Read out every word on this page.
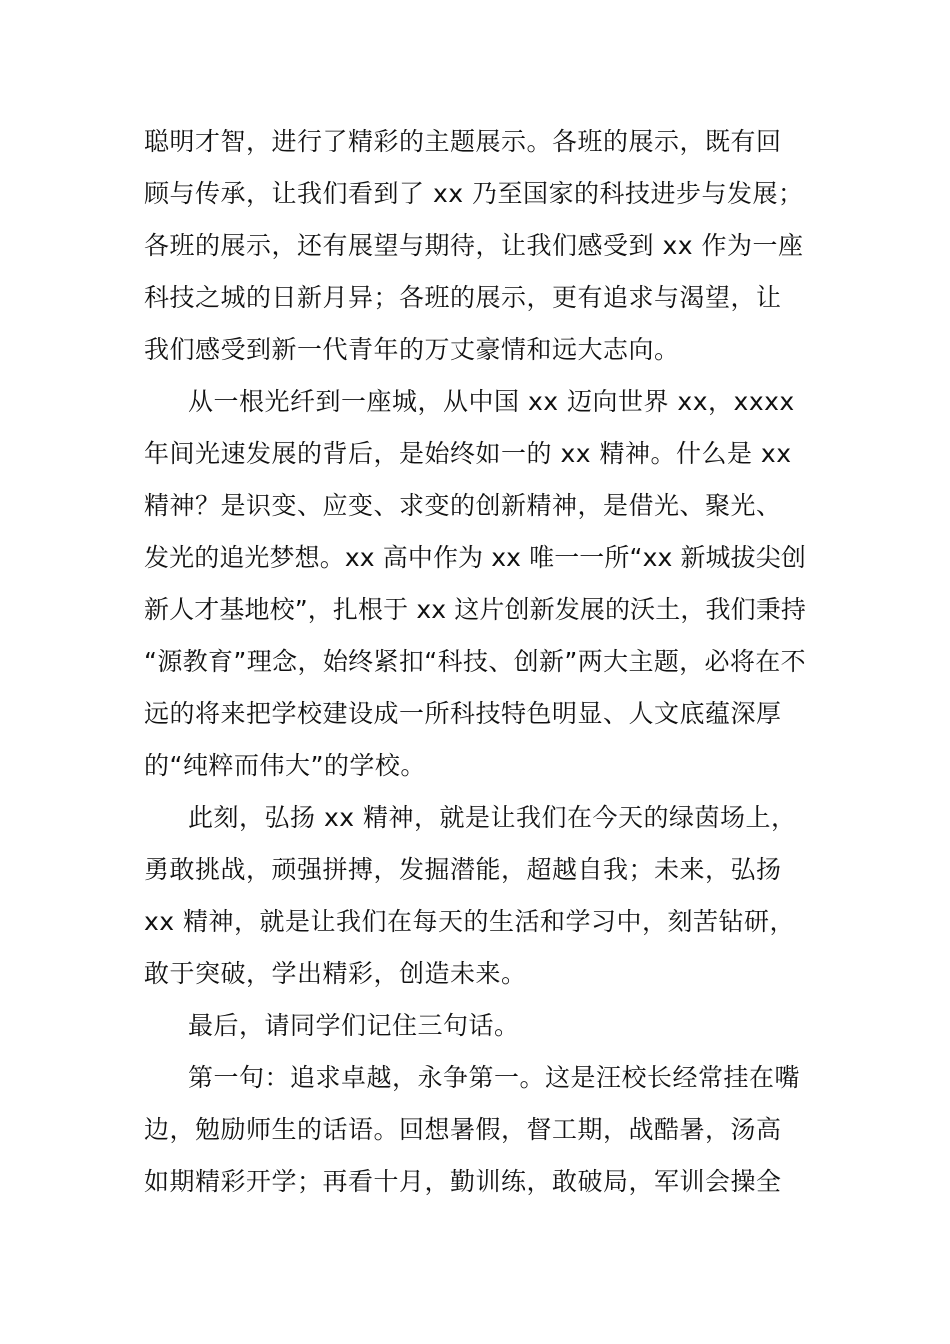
聪明才智，进行了精彩的主题展示。各班的展示，既有回
顾与传承，让我们看到了 xx 乃至国家的科技进步与发展；
各班的展示，还有展望与期待，让我们感受到 xx 作为一座
科技之城的日新月异；各班的展示，更有追求与渴望，让
我们感受到新一代青年的万丈豪情和远大志向。
从一根光纤到一座城，从中国 xx 迈向世界 xx，xxxx
年间光速发展的背后，是始终如一的 xx 精神。什么是 xx
精神？是识变、应变、求变的创新精神，是借光、聚光、
发光的追光梦想。xx 高中作为 xx 唯一一所“xx 新城拔尖创
新人才基地校”，扎根于 xx 这片创新发展的沃土，我们秉持
“源教育”理念，始终紧扣“科技、创新”两大主题，必将在不
远的将来把学校建设成一所科技特色明显、人文底蕴深厚
的“纯粹而伟大”的学校。
此刻，弘扬 xx 精神，就是让我们在今天的绿茵场上，
勇敢挑战，顽强拼搏，发掘潜能，超越自我；未来，弘扬
xx 精神，就是让我们在每天的生活和学习中，刻苦钻研，
敢于突破，学出精彩，创造未来。
最后，请同学们记住三句话。
第一句：追求卓越，永争第一。这是汪校长经常挂在嘴
边，勉励师生的话语。回想暑假，督工期，战酷暑，汤高
如期精彩开学；再看十月，勤训练，敢破局，军训会操全
